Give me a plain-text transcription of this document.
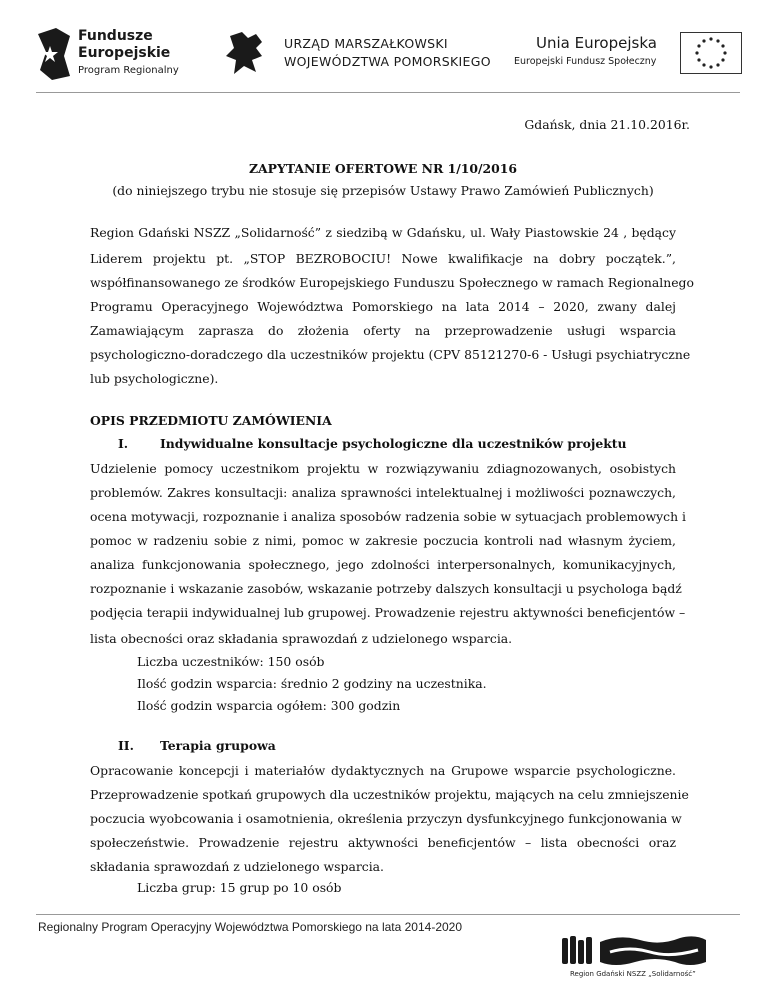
Fundusze
Europejskie
Program Regionalny
URZĄD MARSZAŁKOWSKI
WOJEWÓDZTWA POMORSKIEGO
Unia Europejska
Europejski Fundusz Społeczny
Gdańsk, dnia 21.10.2016r.
ZAPYTANIE OFERTOWE NR 1/10/2016
(do niniejszego trybu nie stosuje się przepisów Ustawy Prawo Zamówień Publicznych)
Region Gdański NSZZ „Solidarność” z siedzibą w Gdańsku, ul. Wały Piastowskie 24 , będący
Liderem projektu pt. „STOP BEZROBOCIU! Nowe kwalifikacje na dobry początek.”,
współfinansowanego ze środków Europejskiego Funduszu Społecznego w ramach Regionalnego
Programu Operacyjnego Województwa Pomorskiego na lata 2014 – 2020, zwany dalej
Zamawiającym zaprasza do złożenia oferty na przeprowadzenie usługi wsparcia
psychologiczno-doradczego dla uczestników projektu (CPV 85121270-6 - Usługi psychiatryczne
lub psychologiczne).
OPIS PRZEDMIOTU ZAMÓWIENIA
I.	Indywidualne konsultacje psychologiczne dla uczestników projektu
Udzielenie pomocy uczestnikom projektu w rozwiązywaniu zdiagnozowanych, osobistych
problemów. Zakres konsultacji: analiza sprawności intelektualnej i możliwości poznawczych,
ocena motywacji, rozpoznanie i analiza sposobów radzenia sobie w sytuacjach problemowych i
pomoc w radzeniu sobie z nimi, pomoc w zakresie poczucia kontroli nad własnym życiem,
analiza funkcjonowania społecznego, jego zdolności interpersonalnych, komunikacyjnych,
rozpoznanie i wskazanie zasobów, wskazanie potrzeby dalszych konsultacji u psychologa bądź
podjęcia terapii indywidualnej lub grupowej. Prowadzenie rejestru aktywności beneficjentów –
lista obecności oraz składania sprawozdań z udzielonego wsparcia.
Liczba uczestników: 150 osób
Ilość godzin wsparcia: średnio 2 godziny na uczestnika.
Ilość godzin wsparcia ogółem: 300 godzin
II. Terapia grupowa
Opracowanie koncepcji i materiałów dydaktycznych na Grupowe wsparcie psychologiczne.
Przeprowadzenie spotkań grupowych dla uczestników projektu, mających na celu zmniejszenie
poczucia wyobcowania i osamotnienia, określenia przyczyn dysfunkcyjnego funkcjonowania w
społeczeństwie. Prowadzenie rejestru aktywności beneficjentów – lista obecności oraz
składania sprawozdań z udzielonego wsparcia.
Liczba grup: 15 grup po 10 osób
Regionalny Program Operacyjny Województwa Pomorskiego na lata 2014-2020
Region Gdański NSZZ „Solidarność”
